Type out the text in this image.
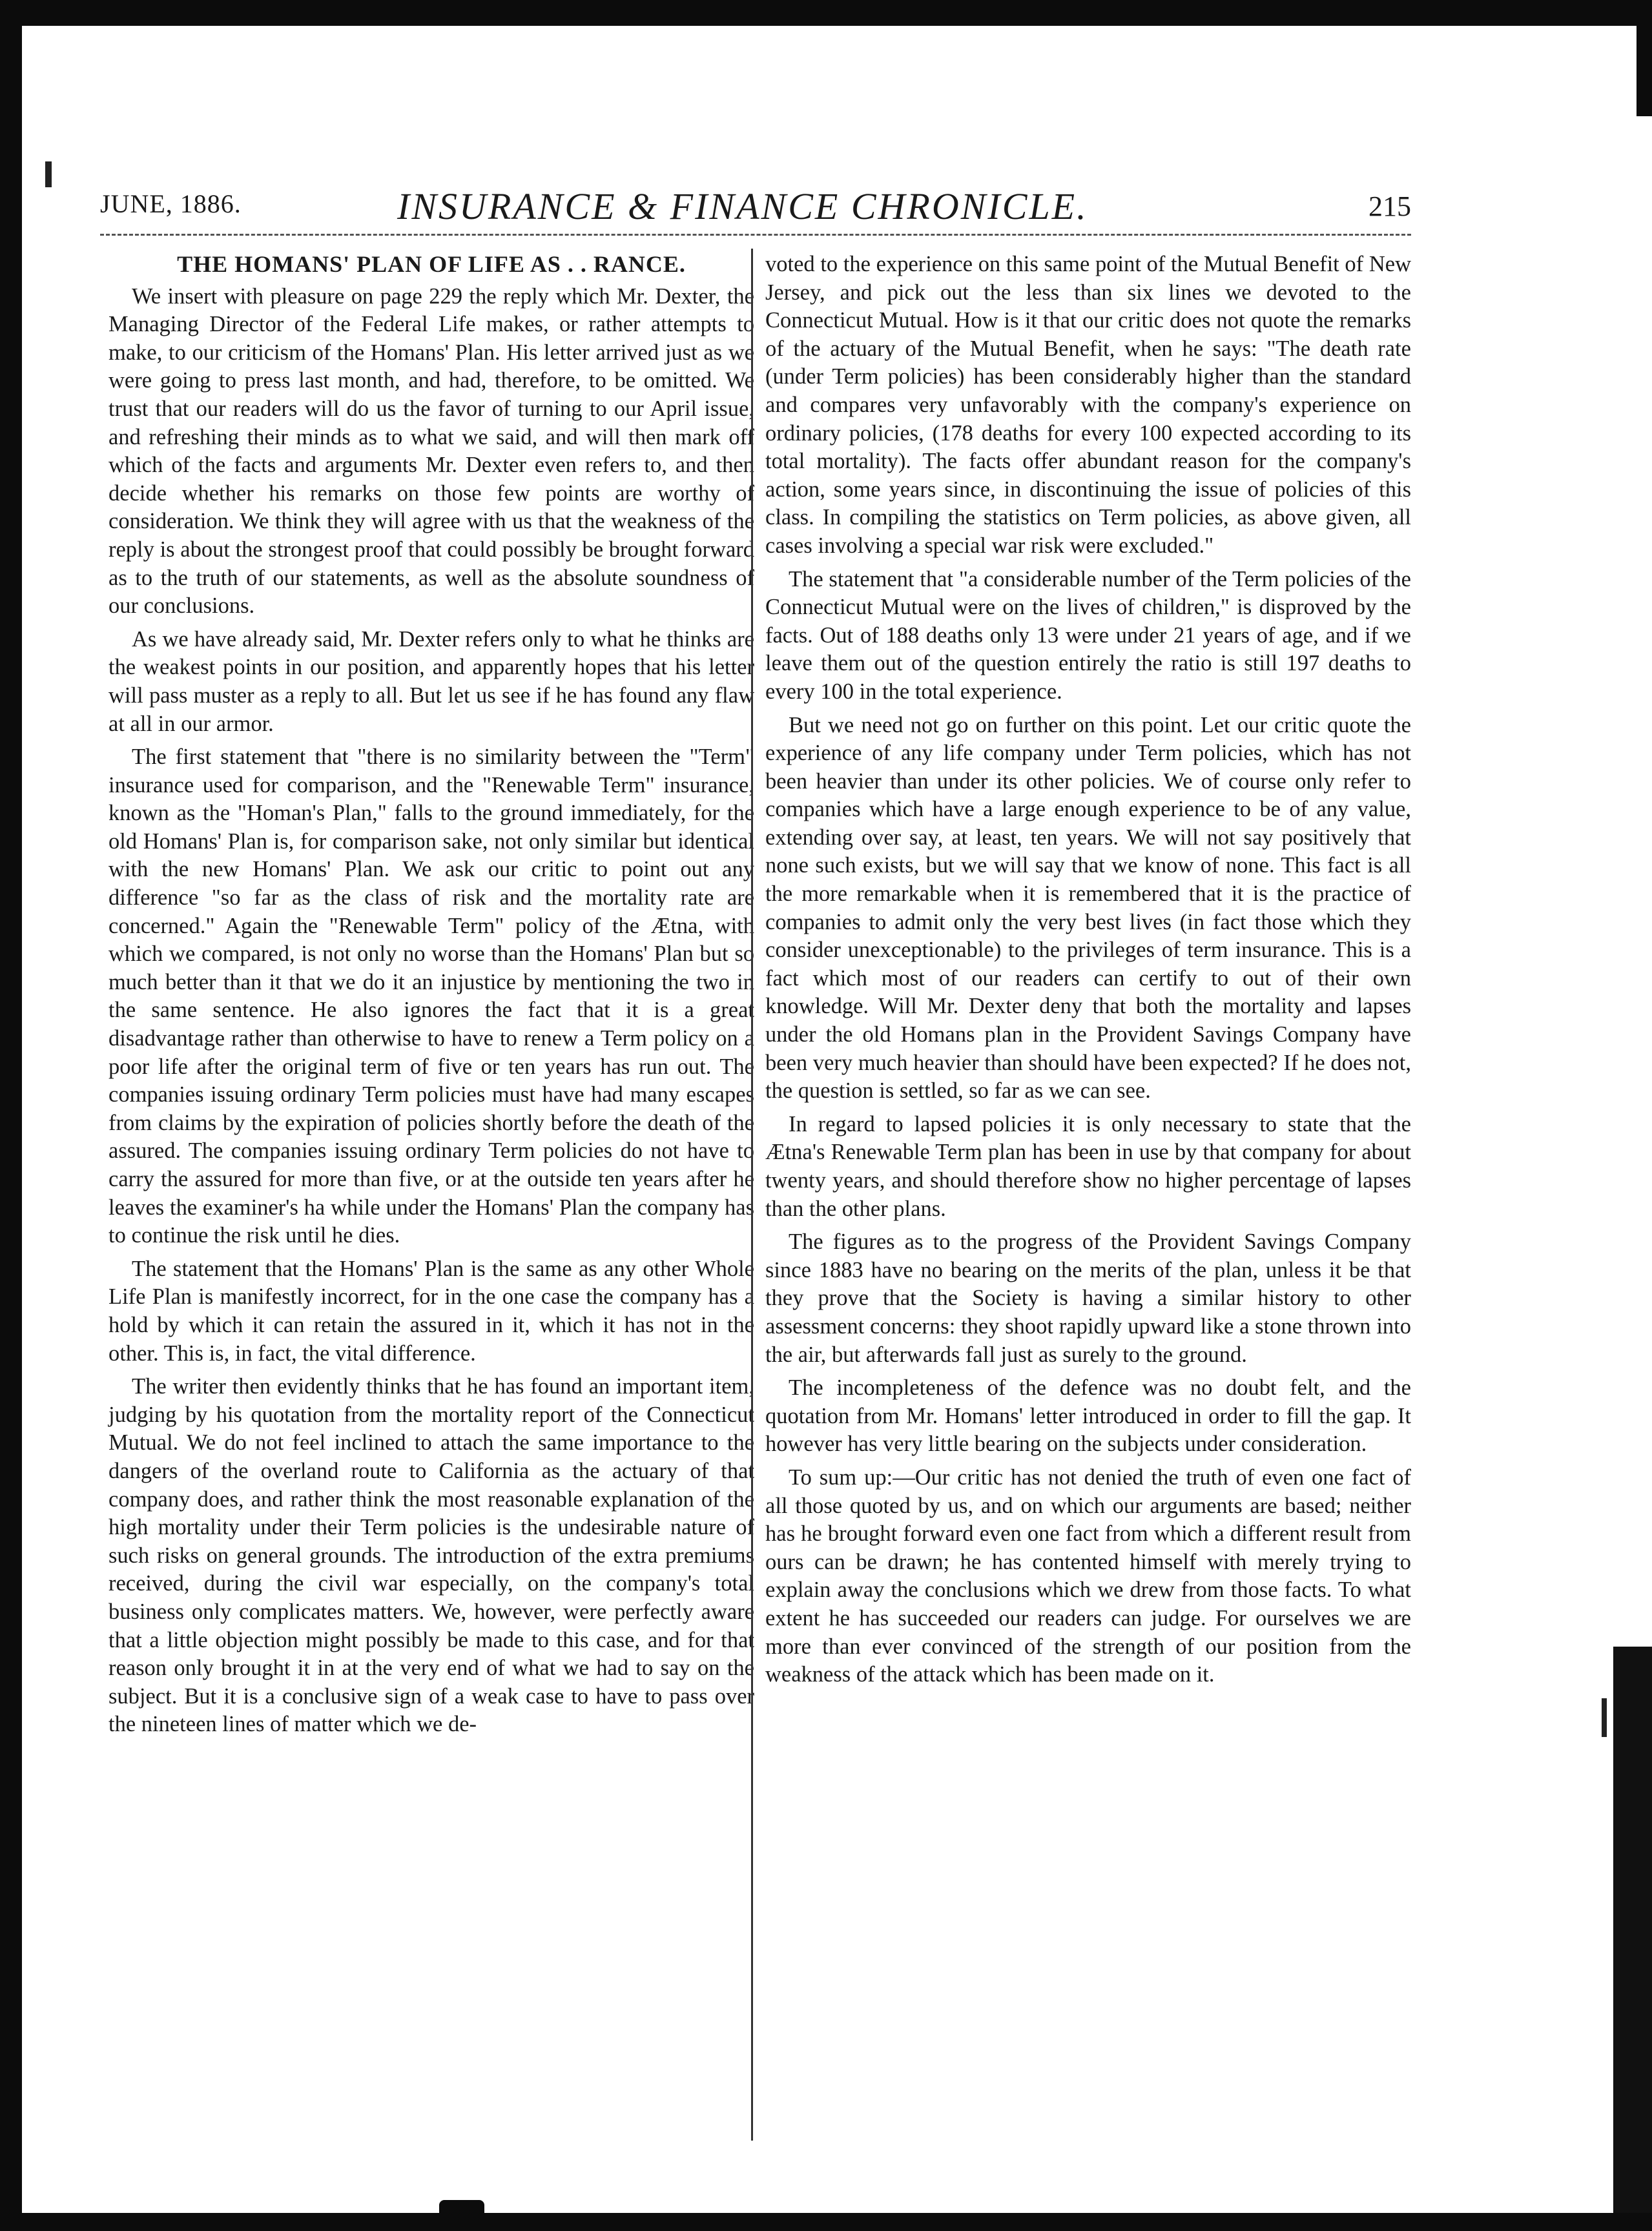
JUNE, 1886.	INSURANCE & FINANCE CHRONICLE.	215
THE HOMANS' PLAN OF LIFE AS . . RANCE.

We insert with pleasure on page 229 the reply which Mr. Dexter, the Managing Director of the Federal Life makes, or rather attempts to make, to our criticism of the Homans' Plan. His letter arrived just as we were going to press last month, and had, therefore, to be omitted. We trust that our readers will do us the favor of turning to our April issue, and refreshing their minds as to what we said, and will then mark off which of the facts and arguments Mr. Dexter even refers to, and then decide whether his remarks on those few points are worthy of consideration. We think they will agree with us that the weakness of the reply is about the strongest proof that could possibly be brought forward as to the truth of our statements, as well as the absolute soundness of our conclusions.

As we have already said, Mr. Dexter refers only to what he thinks are the weakest points in our position, and apparently hopes that his letter will pass muster as a reply to all. But let us see if he has found any flaw at all in our armor.

The first statement that "there is no similarity between the "Term" insurance used for comparison, and the "Renewable Term" insurance, known as the "Homan's Plan," falls to the ground immediately, for the old Homans' Plan is, for comparison sake, not only similar but identical with the new Homans' Plan. We ask our critic to point out any difference "so far as the class of risk and the mortality rate are concerned." Again the "Renewable Term" policy of the Ætna, with which we compared, is not only no worse than the Homans' Plan but so much better than it that we do it an injustice by mentioning the two in the same sentence. He also ignores the fact that it is a great disadvantage rather than otherwise to have to renew a Term policy on a poor life after the original term of five or ten years has run out. The companies issuing ordinary Term policies must have had many escapes from claims by the expiration of policies shortly before the death of the assured. The companies issuing ordinary Term policies do not have to carry the assured for more than five, or at the outside ten years after he leaves the examiner's ha while under the Homans' Plan the company has to continue the risk until he dies.

The statement that the Homans' Plan is the same as any other Whole Life Plan is manifestly incorrect, for in the one case the company has a hold by which it can retain the assured in it, which it has not in the other. This is, in fact, the vital difference.

The writer then evidently thinks that he has found an important item, judging by his quotation from the mortality report of the Connecticut Mutual. We do not feel inclined to attach the same importance to the dangers of the overland route to California as the actuary of that company does, and rather think the most reasonable explanation of the high mortality under their Term policies is the undesirable nature of such risks on general grounds. The introduction of the extra premiums received, during the civil war especially, on the company's total business only complicates matters. We, however, were perfectly aware that a little objection might possibly be made to this case, and for that reason only brought it in at the very end of what we had to say on the subject. But it is a conclusive sign of a weak case to have to pass over the nineteen lines of matter which we de-

voted to the experience on this same point of the Mutual Benefit of New Jersey, and pick out the less than six lines we devoted to the Connecticut Mutual. How is it that our critic does not quote the remarks of the actuary of the Mutual Benefit, when he says: "The death rate (under Term policies) has been considerably higher than the standard and compares very unfavorably with the company's experience on ordinary policies, (178 deaths for every 100 expected according to its total mortality). The facts offer abundant reason for the company's action, some years since, in discontinuing the issue of policies of this class. In compiling the statistics on Term policies, as above given, all cases involving a special war risk were excluded."

The statement that "a considerable number of the Term policies of the Connecticut Mutual were on the lives of children," is disproved by the facts. Out of 188 deaths only 13 were under 21 years of age, and if we leave them out of the question entirely the ratio is still 197 deaths to every 100 in the total experience.

But we need not go on further on this point. Let our critic quote the experience of any life company under Term policies, which has not been heavier than under its other policies. We of course only refer to companies which have a large enough experience to be of any value, extending over say, at least, ten years. We will not say positively that none such exists, but we will say that we know of none. This fact is all the more remarkable when it is remembered that it is the practice of companies to admit only the very best lives (in fact those which they consider unexceptionable) to the privileges of term insurance. This is a fact which most of our readers can certify to out of their own knowledge. Will Mr. Dexter deny that both the mortality and lapses under the old Homans plan in the Provident Savings Company have been very much heavier than should have been expected? If he does not, the question is settled, so far as we can see.

In regard to lapsed policies it is only necessary to state that the Ætna's Renewable Term plan has been in use by that company for about twenty years, and should therefore show no higher percentage of lapses than the other plans.

The figures as to the progress of the Provident Savings Company since 1883 have no bearing on the merits of the plan, unless it be that they prove that the Society is having a similar history to other assessment concerns: they shoot rapidly upward like a stone thrown into the air, but afterwards fall just as surely to the ground.

The incompleteness of the defence was no doubt felt, and the quotation from Mr. Homans' letter introduced in order to fill the gap. It however has very little bearing on the subjects under consideration.

To sum up:—Our critic has not denied the truth of even one fact of all those quoted by us, and on which our arguments are based; neither has he brought forward even one fact from which a different result from ours can be drawn; he has contented himself with merely trying to explain away the conclusions which we drew from those facts. To what extent he has succeeded our readers can judge. For ourselves we are more than ever convinced of the strength of our position from the weakness of the attack which has been made on it.
